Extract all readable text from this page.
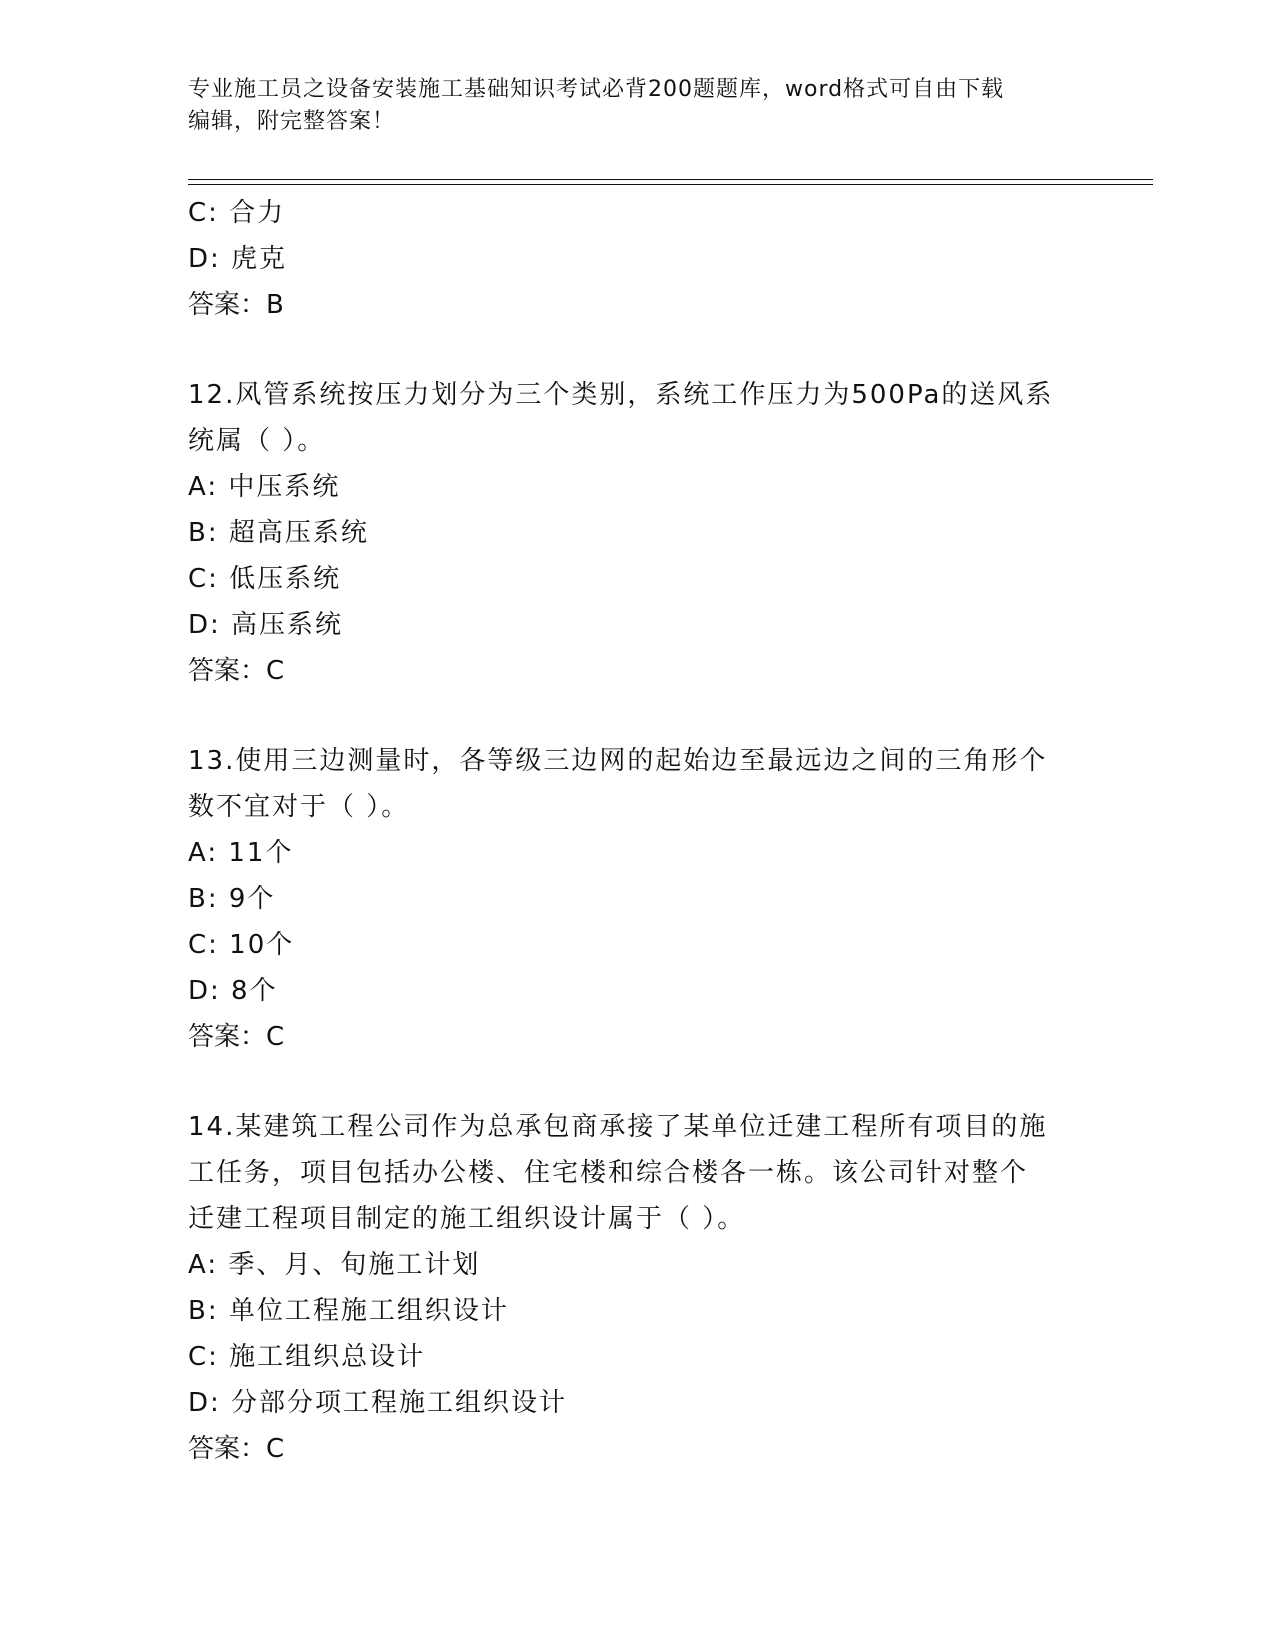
专业施工员之设备安装施工基础知识考试必背200题题库，word格式可自由下载
编辑，附完整答案！
C: 合力
D: 虎克
答案：B
12.风管系统按压力划分为三个类别，系统工作压力为500Pa的送风系
统属（ ）。
A: 中压系统
B: 超高压系统
C: 低压系统
D: 高压系统
答案：C
13.使用三边测量时，各等级三边网的起始边至最远边之间的三角形个
数不宜对于（ ）。
A: 11个
B: 9个
C: 10个
D: 8个
答案：C
14.某建筑工程公司作为总承包商承接了某单位迁建工程所有项目的施
工任务，项目包括办公楼、住宅楼和综合楼各一栋。该公司针对整个
迁建工程项目制定的施工组织设计属于（ ）。
A: 季、月、旬施工计划
B: 单位工程施工组织设计
C: 施工组织总设计
D: 分部分项工程施工组织设计
答案：C
